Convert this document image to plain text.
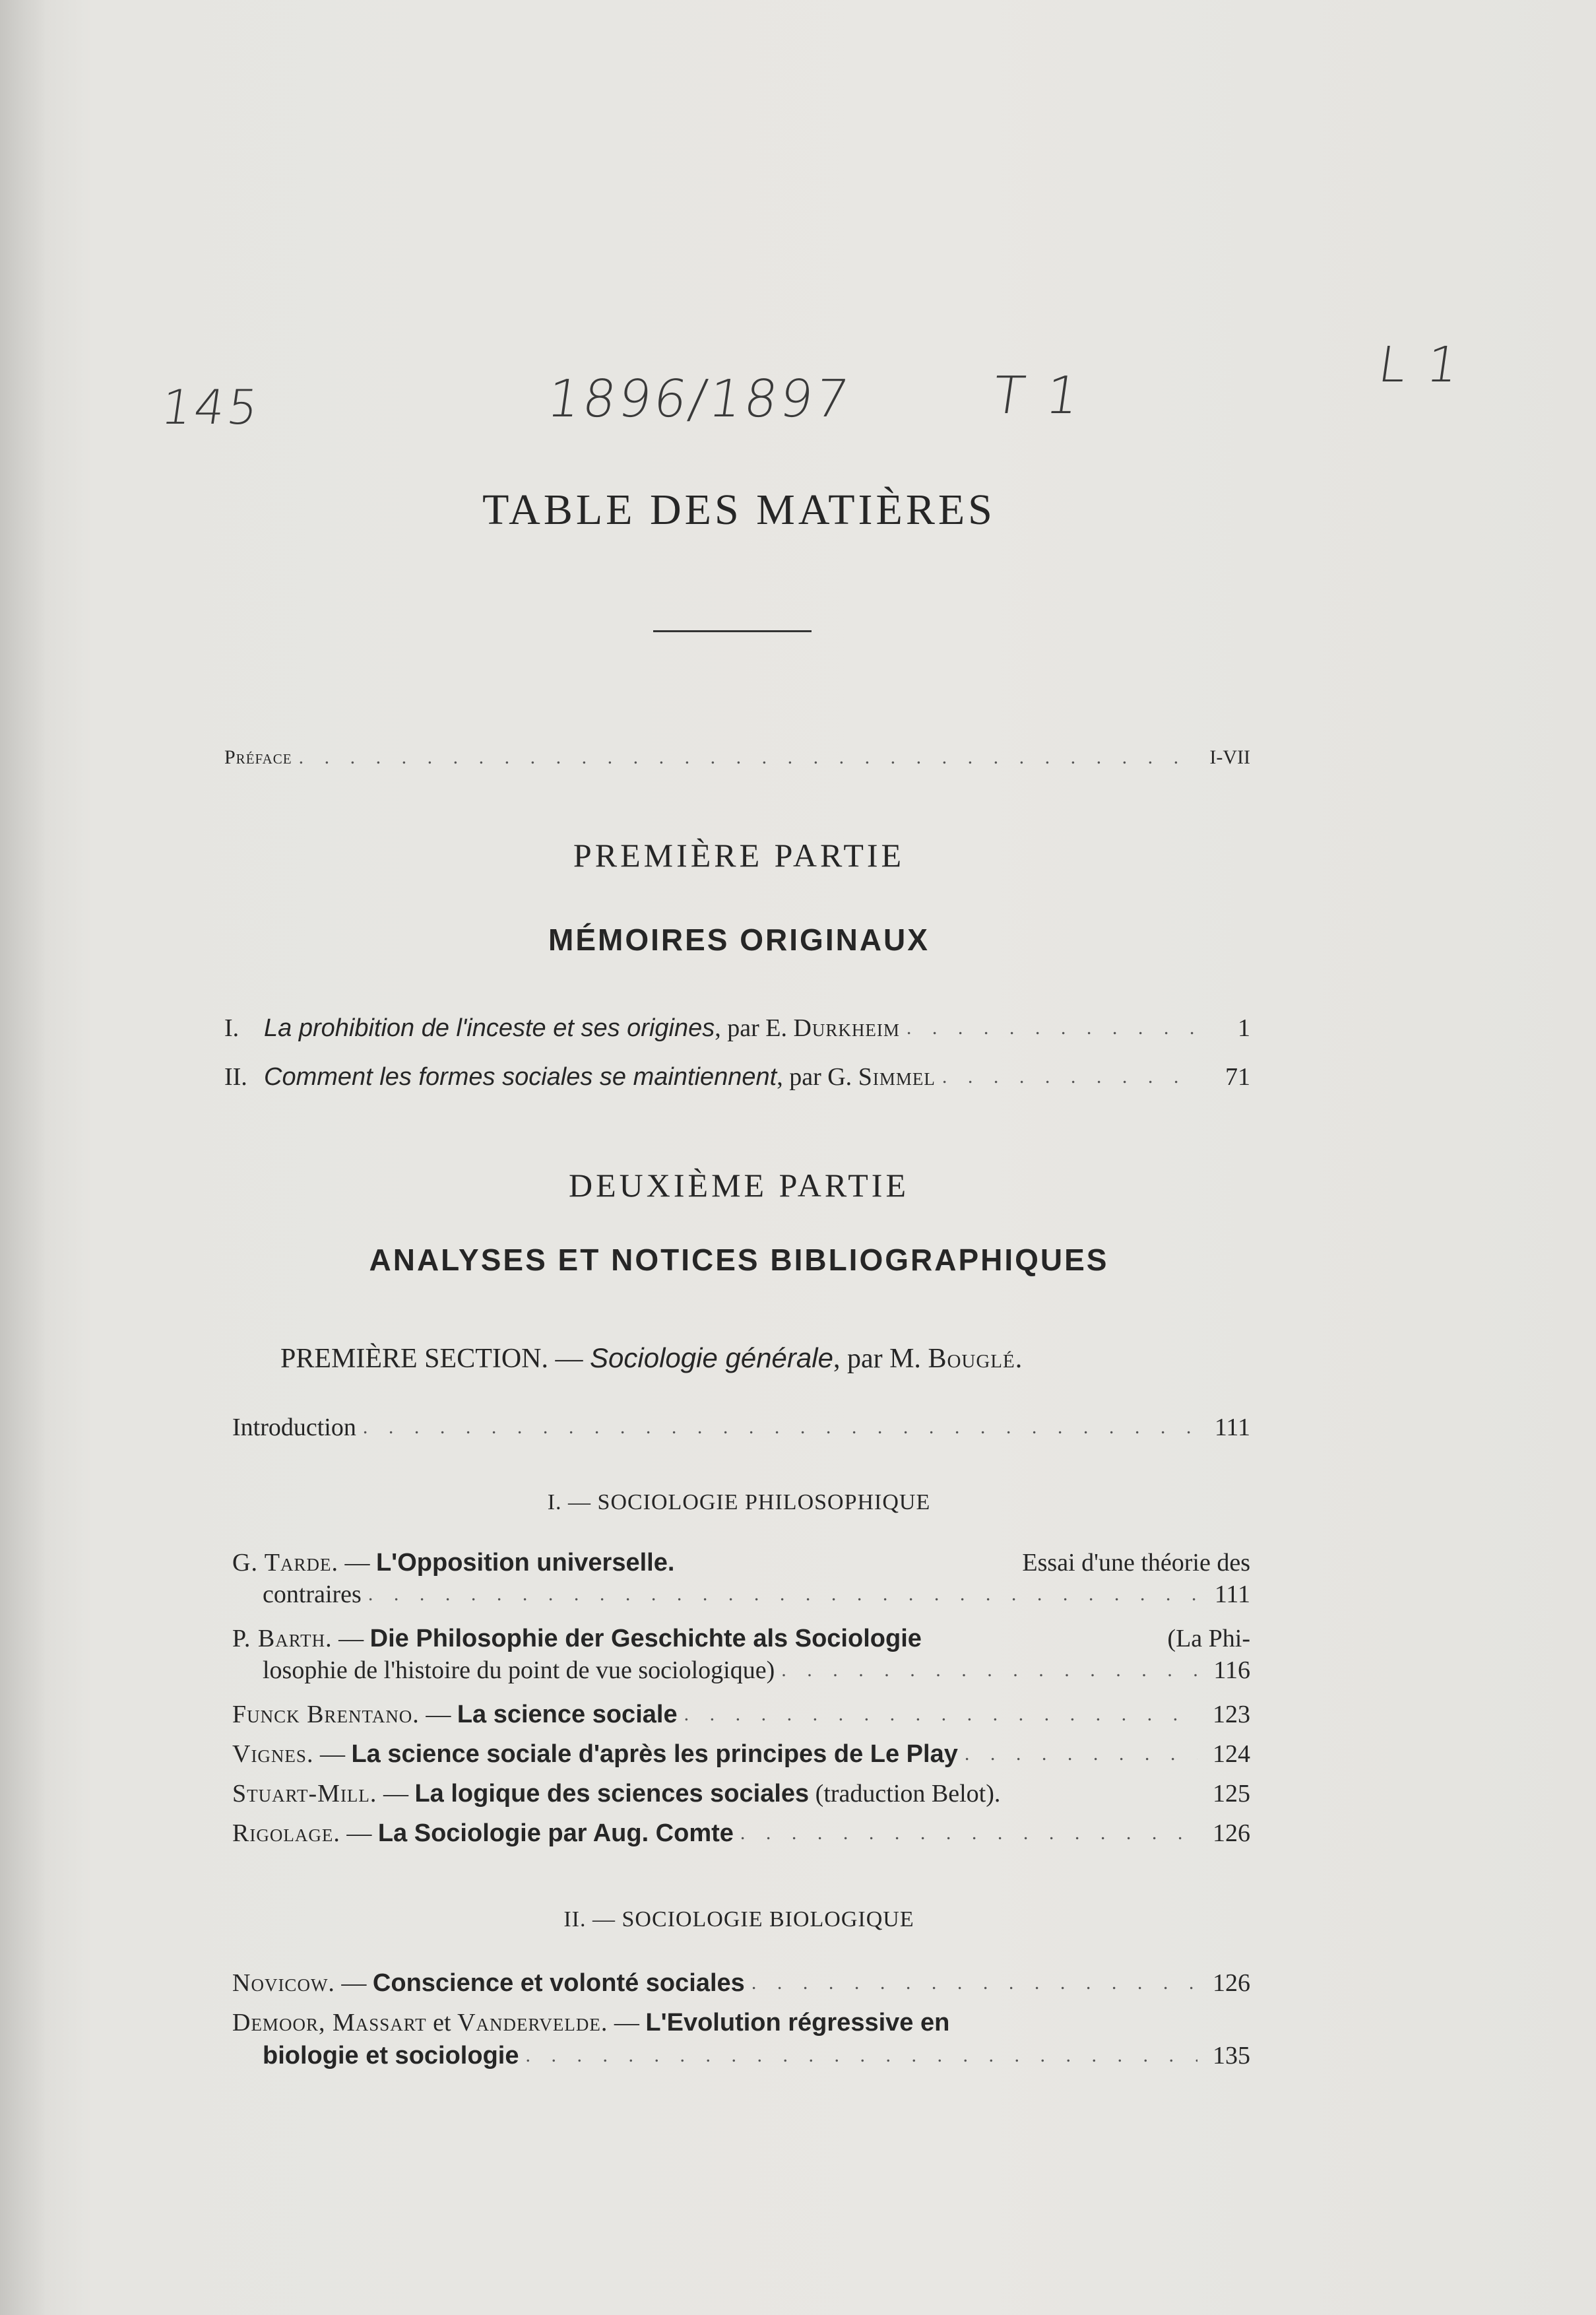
145	1896/1897	T 1
L 1
TABLE DES MATIÈRES
Préface . . .	I-VII
PREMIÈRE PARTIE
MÉMOIRES ORIGINAUX
I. La prohibition de l'inceste et ses origines, par E. Durkheim . . .	1
II. Comment les formes sociales se maintiennent, par G. Simmel . . .	71
DEUXIÈME PARTIE
ANALYSES ET NOTICES BIBLIOGRAPHIQUES
PREMIÈRE SECTION. — Sociologie générale, par M. Bouglé.
Introduction . . .	111
I. — SOCIOLOGIE PHILOSOPHIQUE
G. Tarde. — L'Opposition universelle.	Essai d'une théorie des
contraires . . .	111
P. Barth. — Die Philosophie der Geschichte als Sociologie	(La Phi-
losophie de l'histoire du point de vue sociologique) . . .	116
Funck Brentano. — La science sociale . . .	123
Vignes. — La science sociale d'après les principes de Le Play . . .	124
Stuart-Mill. — La logique des sciences sociales (traduction Belot).	125
Rigolage. — La Sociologie par Aug. Comte . . .	126
II. — SOCIOLOGIE BIOLOGIQUE
Novicow. — Conscience et volonté sociales . . .	126
Demoor, Massart et Vandervelde. — L'Evolution régressive en
biologie et sociologie . . .	135
